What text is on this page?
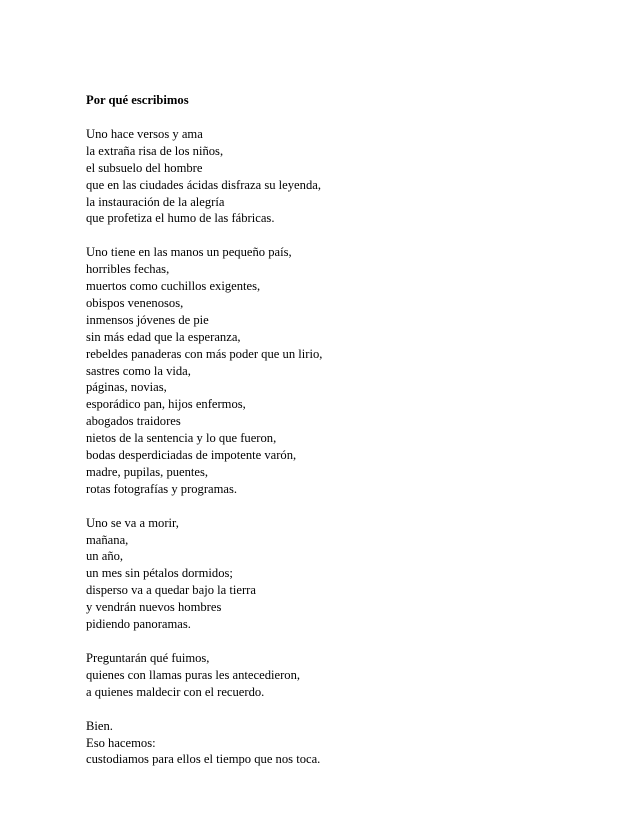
Por qué escribimos
Uno hace versos y ama
la extraña risa de los niños,
el subsuelo del hombre
que en las ciudades ácidas disfraza su leyenda,
la instauración de la alegría
que profetiza el humo de las fábricas.
Uno tiene en las manos un pequeño país,
horribles fechas,
muertos como cuchillos exigentes,
obispos venenosos,
inmensos jóvenes de pie
sin más edad que la esperanza,
rebeldes panaderas con más poder que un lirio,
sastres como la vida,
páginas, novias,
esporádico pan, hijos enfermos,
abogados traidores
nietos de la sentencia y lo que fueron,
bodas desperdiciadas de impotente varón,
madre, pupilas, puentes,
rotas fotografías y programas.
Uno se va a morir,
mañana,
un año,
un mes sin pétalos dormidos;
disperso va a quedar bajo la tierra
y vendrán nuevos hombres
pidiendo panoramas.
Preguntarán qué fuimos,
quienes con llamas puras les antecedieron,
a quienes maldecir con el recuerdo.
Bien.
Eso hacemos:
custodiamos para ellos el tiempo que nos toca.
